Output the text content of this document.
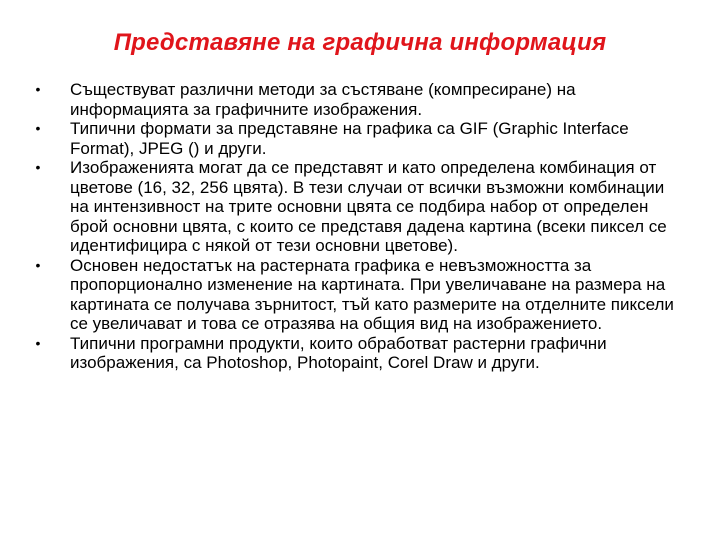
Представяне на графична информация
•	Съществуват различни методи за състяване (компресиране) на информацията за графичните изображения.
•	Типични формати за представяне на графика са GIF (Graphic Interface Format), JPEG () и други.
•	Изображенията могат да се представят и като определена комбинация от цветове (16, 32, 256 цвята). В тези случаи от всички възможни комбинации на интензивност на трите основни цвята се подбира набор от определен брой основни цвята, с които се представя дадена картина (всеки пиксел се идентифицира с някой от тези основни цветове).
•	Основен недостатък на растерната графика е невъзможността за пропорционално изменение на картината. При увеличаване на размера на картината се получава зърнитост, тъй като размерите на отделните пиксели се увеличават и това се отразява на общия вид на изображението.
•	Типични програмни продукти, които обработват растерни графични изображения, са Photoshop, Photopaint, Corel Draw и други.
